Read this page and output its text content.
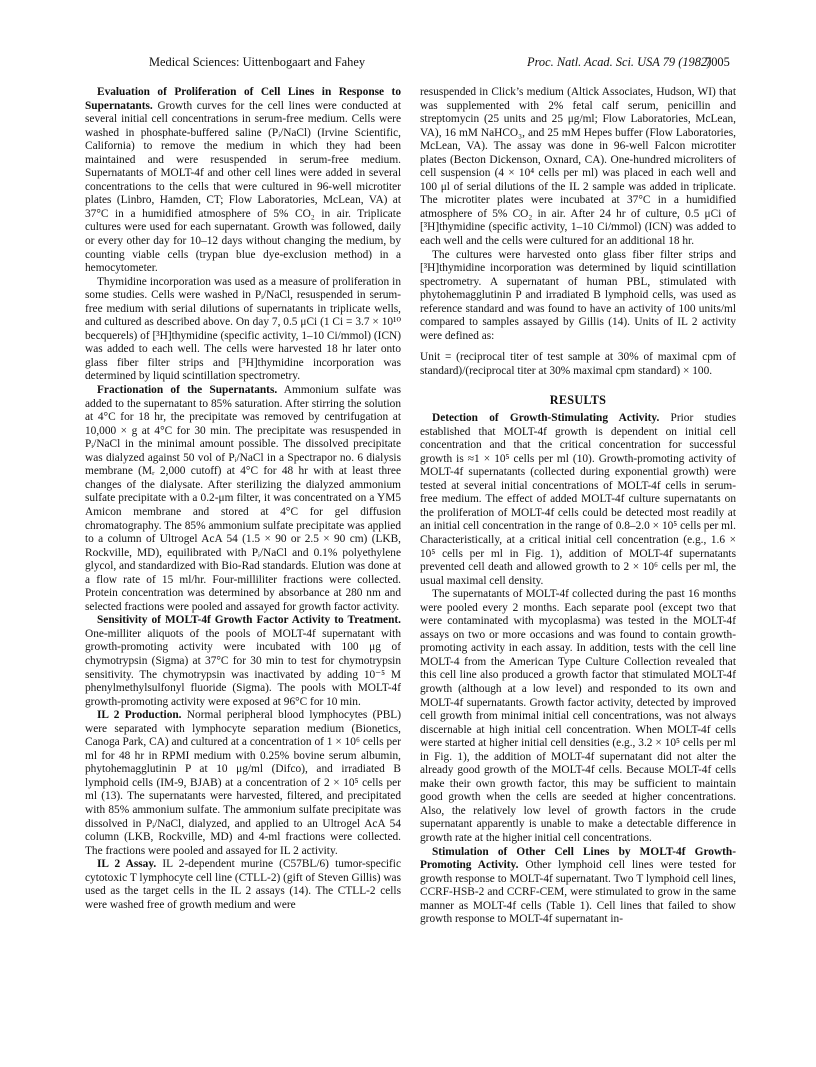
Medical Sciences: Uittenbogaart and Fahey	Proc. Natl. Acad. Sci. USA 79 (1982)
7005

Evaluation of Proliferation of Cell Lines in Response to Supernatants. Growth curves for the cell lines were conducted at several initial cell concentrations in serum-free medium. Cells were washed in phosphate-buffered saline (Pᵢ/NaCl) (Irvine Scientific, California) to remove the medium in which they had been maintained and were resuspended in serum-free medium. Supernatants of MOLT-4f and other cell lines were added in several concentrations to the cells that were cultured in 96-well microtiter plates (Linbro, Hamden, CT; Flow Laboratories, McLean, VA) at 37°C in a humidified atmosphere of 5% CO₂ in air. Triplicate cultures were used for each supernatant. Growth was followed, daily or every other day for 10–12 days without changing the medium, by counting viable cells (trypan blue dye-exclusion method) in a hemocytometer.

Thymidine incorporation was used as a measure of proliferation in some studies. Cells were washed in Pᵢ/NaCl, resuspended in serum-free medium with serial dilutions of supernatants in triplicate wells, and cultured as described above. On day 7, 0.5 μCi (1 Ci = 3.7 × 10¹⁰ becquerels) of [³H]thymidine (specific activity, 1–10 Ci/mmol) (ICN) was added to each well. The cells were harvested 18 hr later onto glass fiber filter strips and [³H]thymidine incorporation was determined by liquid scintillation spectrometry.

Fractionation of the Supernatants. Ammonium sulfate was added to the supernatant to 85% saturation. After stirring the solution at 4°C for 18 hr, the precipitate was removed by centrifugation at 10,000 × g at 4°C for 30 min. The precipitate was resuspended in Pᵢ/NaCl in the minimal amount possible. The dissolved precipitate was dialyzed against 50 vol of Pᵢ/NaCl in a Spectrapor no. 6 dialysis membrane (Mᵣ 2,000 cutoff) at 4°C for 48 hr with at least three changes of the dialysate. After sterilizing the dialyzed ammonium sulfate precipitate with a 0.2-μm filter, it was concentrated on a YM5 Amicon membrane and stored at 4°C for gel diffusion chromatography. The 85% ammonium sulfate precipitate was applied to a column of Ultrogel AcA 54 (1.5 × 90 or 2.5 × 90 cm) (LKB, Rockville, MD), equilibrated with Pᵢ/NaCl and 0.1% polyethylene glycol, and standardized with Bio-Rad standards. Elution was done at a flow rate of 15 ml/hr. Four-milliliter fractions were collected. Protein concentration was determined by absorbance at 280 nm and selected fractions were pooled and assayed for growth factor activity.

Sensitivity of MOLT-4f Growth Factor Activity to Treatment. One-milliter aliquots of the pools of MOLT-4f supernatant with growth-promoting activity were incubated with 100 μg of chymotrypsin (Sigma) at 37°C for 30 min to test for chymotrypsin sensitivity. The chymotrypsin was inactivated by adding 10⁻⁵ M phenylmethylsulfonyl fluoride (Sigma). The pools with MOLT-4f growth-promoting activity were exposed at 96°C for 10 min.

IL 2 Production. Normal peripheral blood lymphocytes (PBL) were separated with lymphocyte separation medium (Bionetics, Canoga Park, CA) and cultured at a concentration of 1 × 10⁶ cells per ml for 48 hr in RPMI medium with 0.25% bovine serum albumin, phytohemagglutinin P at 10 μg/ml (Difco), and irradiated B lymphoid cells (IM-9, BJAB) at a concentration of 2 × 10⁵ cells per ml (13). The supernatants were harvested, filtered, and precipitated with 85% ammonium sulfate. The ammonium sulfate precipitate was dissolved in Pᵢ/NaCl, dialyzed, and applied to an Ultrogel AcA 54 column (LKB, Rockville, MD) and 4-ml fractions were collected. The fractions were pooled and assayed for IL 2 activity.

IL 2 Assay. IL 2-dependent murine (C57BL/6) tumor-specific cytotoxic T lymphocyte cell line (CTLL-2) (gift of Steven Gillis) was used as the target cells in the IL 2 assays (14). The CTLL-2 cells were washed free of growth medium and were

resuspended in Click’s medium (Altick Associates, Hudson, WI) that was supplemented with 2% fetal calf serum, penicillin and streptomycin (25 units and 25 μg/ml; Flow Laboratories, McLean, VA), 16 mM NaHCO₃, and 25 mM Hepes buffer (Flow Laboratories, McLean, VA). The assay was done in 96-well Falcon microtiter plates (Becton Dickenson, Oxnard, CA). One-hundred microliters of cell suspension (4 × 10⁴ cells per ml) was placed in each well and 100 μl of serial dilutions of the IL 2 sample was added in triplicate. The microtiter plates were incubated at 37°C in a humidified atmosphere of 5% CO₂ in air. After 24 hr of culture, 0.5 μCi of [³H]thymidine (specific activity, 1–10 Ci/mmol) (ICN) was added to each well and the cells were cultured for an additional 18 hr.

The cultures were harvested onto glass fiber filter strips and [³H]thymidine incorporation was determined by liquid scintillation spectrometry. A supernatant of human PBL, stimulated with phytohemagglutinin P and irradiated B lymphoid cells, was used as reference standard and was found to have an activity of 100 units/ml compared to samples assayed by Gillis (14). Units of IL 2 activity were defined as:

Unit = (reciprocal titer of test sample at 30% of maximal cpm of standard)/(reciprocal titer at 30% maximal cpm standard) × 100.

RESULTS

Detection of Growth-Stimulating Activity. Prior studies established that MOLT-4f growth is dependent on initial cell concentration and that the critical concentration for successful growth is ≈1 × 10⁵ cells per ml (10). Growth-promoting activity of MOLT-4f supernatants (collected during exponential growth) were tested at several initial concentrations of MOLT-4f cells in serum-free medium. The effect of added MOLT-4f culture supernatants on the proliferation of MOLT-4f cells could be detected most readily at an initial cell concentration in the range of 0.8–2.0 × 10⁵ cells per ml. Characteristically, at a critical initial cell concentration (e.g., 1.6 × 10⁵ cells per ml in Fig. 1), addition of MOLT-4f supernatants prevented cell death and allowed growth to 2 × 10⁶ cells per ml, the usual maximal cell density.

The supernatants of MOLT-4f collected during the past 16 months were pooled every 2 months. Each separate pool (except two that were contaminated with mycoplasma) was tested in the MOLT-4f assays on two or more occasions and was found to contain growth-promoting activity in each assay. In addition, tests with the cell line MOLT-4 from the American Type Culture Collection revealed that this cell line also produced a growth factor that stimulated MOLT-4f growth (although at a low level) and responded to its own and MOLT-4f supernatants. Growth factor activity, detected by improved cell growth from minimal initial cell concentrations, was not always discernable at high initial cell concentration. When MOLT-4f cells were started at higher initial cell densities (e.g., 3.2 × 10⁵ cells per ml in Fig. 1), the addition of MOLT-4f supernatant did not alter the already good growth of the MOLT-4f cells. Because MOLT-4f cells make their own growth factor, this may be sufficient to maintain good growth when the cells are seeded at higher concentrations. Also, the relatively low level of growth factors in the crude supernatant apparently is unable to make a detectable difference in growth rate at the higher initial cell concentrations.

Stimulation of Other Cell Lines by MOLT-4f Growth-Promoting Activity. Other lymphoid cell lines were tested for growth response to MOLT-4f supernatant. Two T lymphoid cell lines, CCRF-HSB-2 and CCRF-CEM, were stimulated to grow in the same manner as MOLT-4f cells (Table 1). Cell lines that failed to show growth response to MOLT-4f supernatant in-
